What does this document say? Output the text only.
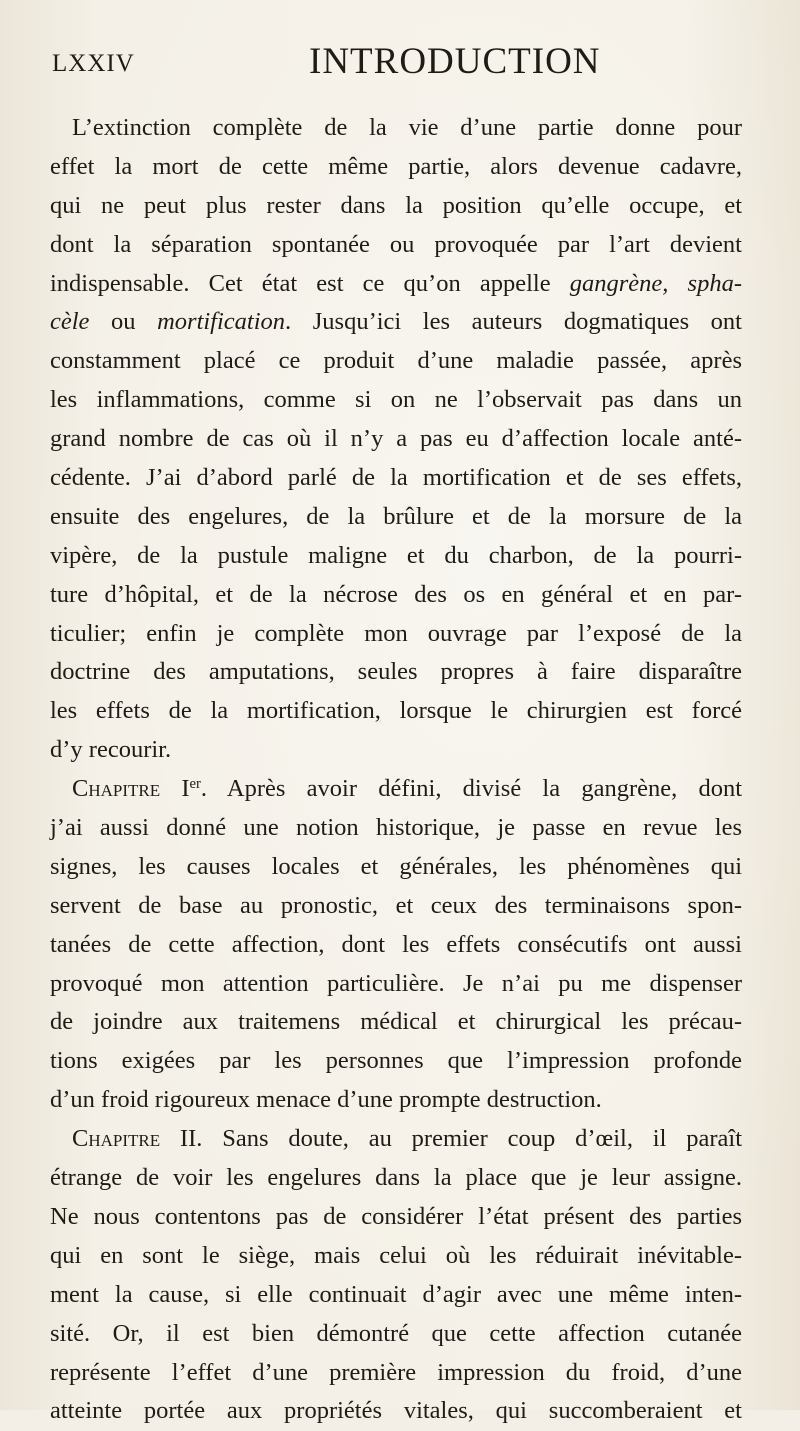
LXXIV	INTRODUCTION
L’extinction complète de la vie d’une partie donne pour
effet la mort de cette même partie, alors devenue cadavre,
qui ne peut plus rester dans la position qu’elle occupe, et
dont la séparation spontanée ou provoquée par l’art devient
indispensable. Cet état est ce qu’on appelle gangrène, spha-
cèle ou mortification. Jusqu’ici les auteurs dogmatiques ont
constamment placé ce produit d’une maladie passée, après
les inflammations, comme si on ne l’observait pas dans un
grand nombre de cas où il n’y a pas eu d’affection locale anté-
cédente. J’ai d’abord parlé de la mortification et de ses effets,
ensuite des engelures, de la brûlure et de la morsure de la
vipère, de la pustule maligne et du charbon, de la pourri-
ture d’hôpital, et de la nécrose des os en général et en par-
ticulier; enfin je complète mon ouvrage par l’exposé de la
doctrine des amputations, seules propres à faire disparaître
les effets de la mortification, lorsque le chirurgien est forcé
d’y recourir.
Chapitre Ier. Après avoir défini, divisé la gangrène, dont
j’ai aussi donné une notion historique, je passe en revue les
signes, les causes locales et générales, les phénomènes qui
servent de base au pronostic, et ceux des terminaisons spon-
tanées de cette affection, dont les effets consécutifs ont aussi
provoqué mon attention particulière. Je n’ai pu me dispenser
de joindre aux traitemens médical et chirurgical les précau-
tions exigées par les personnes que l’impression profonde
d’un froid rigoureux menace d’une prompte destruction.
Chapitre II. Sans doute, au premier coup d’œil, il paraît
étrange de voir les engelures dans la place que je leur assigne.
Ne nous contentons pas de considérer l’état présent des parties
qui en sont le siège, mais celui où les réduirait inévitable-
ment la cause, si elle continuait d’agir avec une même inten-
sité. Or, il est bien démontré que cette affection cutanée
représente l’effet d’une première impression du froid, d’une
atteinte portée aux propriétés vitales, qui succomberaient et
